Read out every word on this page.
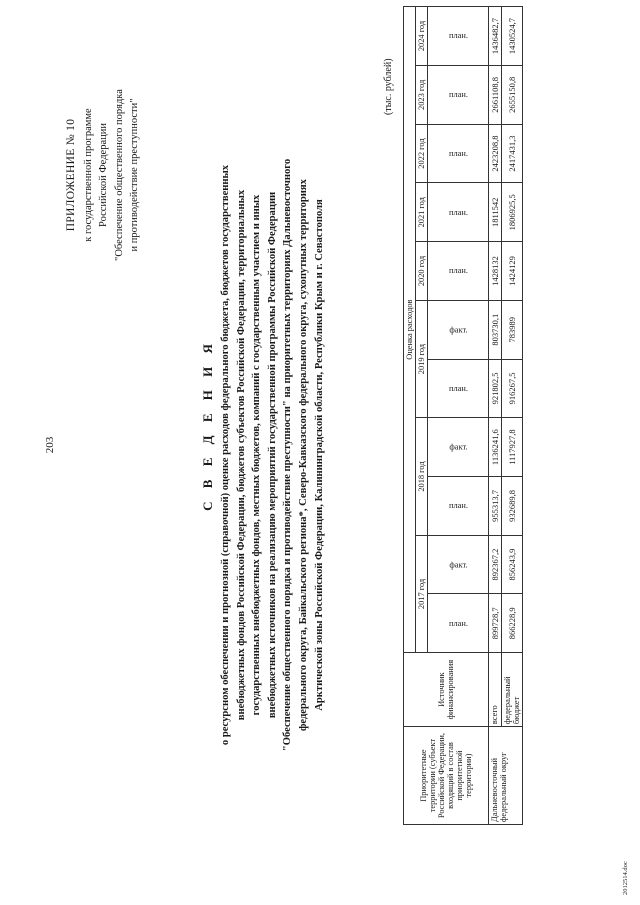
203
ПРИЛОЖЕНИЕ № 10 к государственной программе Российской Федерации "Обеспечение общественного порядка и противодействие преступности"
С В Е Д Е Н И Я о ресурсном обеспечении и прогнозной (справочной) оценке расходов федерального бюджета, бюджетов государственных внебюджетных фондов Российской Федерации, бюджетов субъектов Российской Федерации, территориальных государственных внебюджетных фондов, местных бюджетов, компаний с государственным участием и иных внебюджетных источников на реализацию мероприятий государственной программы Российской Федерации "Обеспечение общественного порядка и противодействие преступности" на приоритетных территориях Дальневосточного федерального округа, Байкальского региона*, Северо-Кавказского федерального округа, сухопутных территориях Арктической зоны Российской Федерации, Калининградской области, Республики Крым и г. Севастополя
(тыс. рублей)
Приоритетные территории (субъект Российской Федерации, входящий в состав приоритетной территории)	Источник финансирования	Оценка расходов										
		2017 год		2018 год		2019 год		2020 год	2021 год	2022 год	2023 год	2024 год
		план.	факт.	план.	факт.	план.	факт.	план.	план.	план.	план.	план.
Дальневосточный федеральный округ	всего	899728,7	892367,2	955313,7	1136241,6	921802,5	803730,1	1428132	1811542	2423208,8	2661108,8	1436482,7
	федеральный бюджет	866228,9	856243,9	932689,8	1117927,8	916267,5	783989	1424129	1806925,5	2417431,3	2655150,8	1430524,7
2012514.doc
